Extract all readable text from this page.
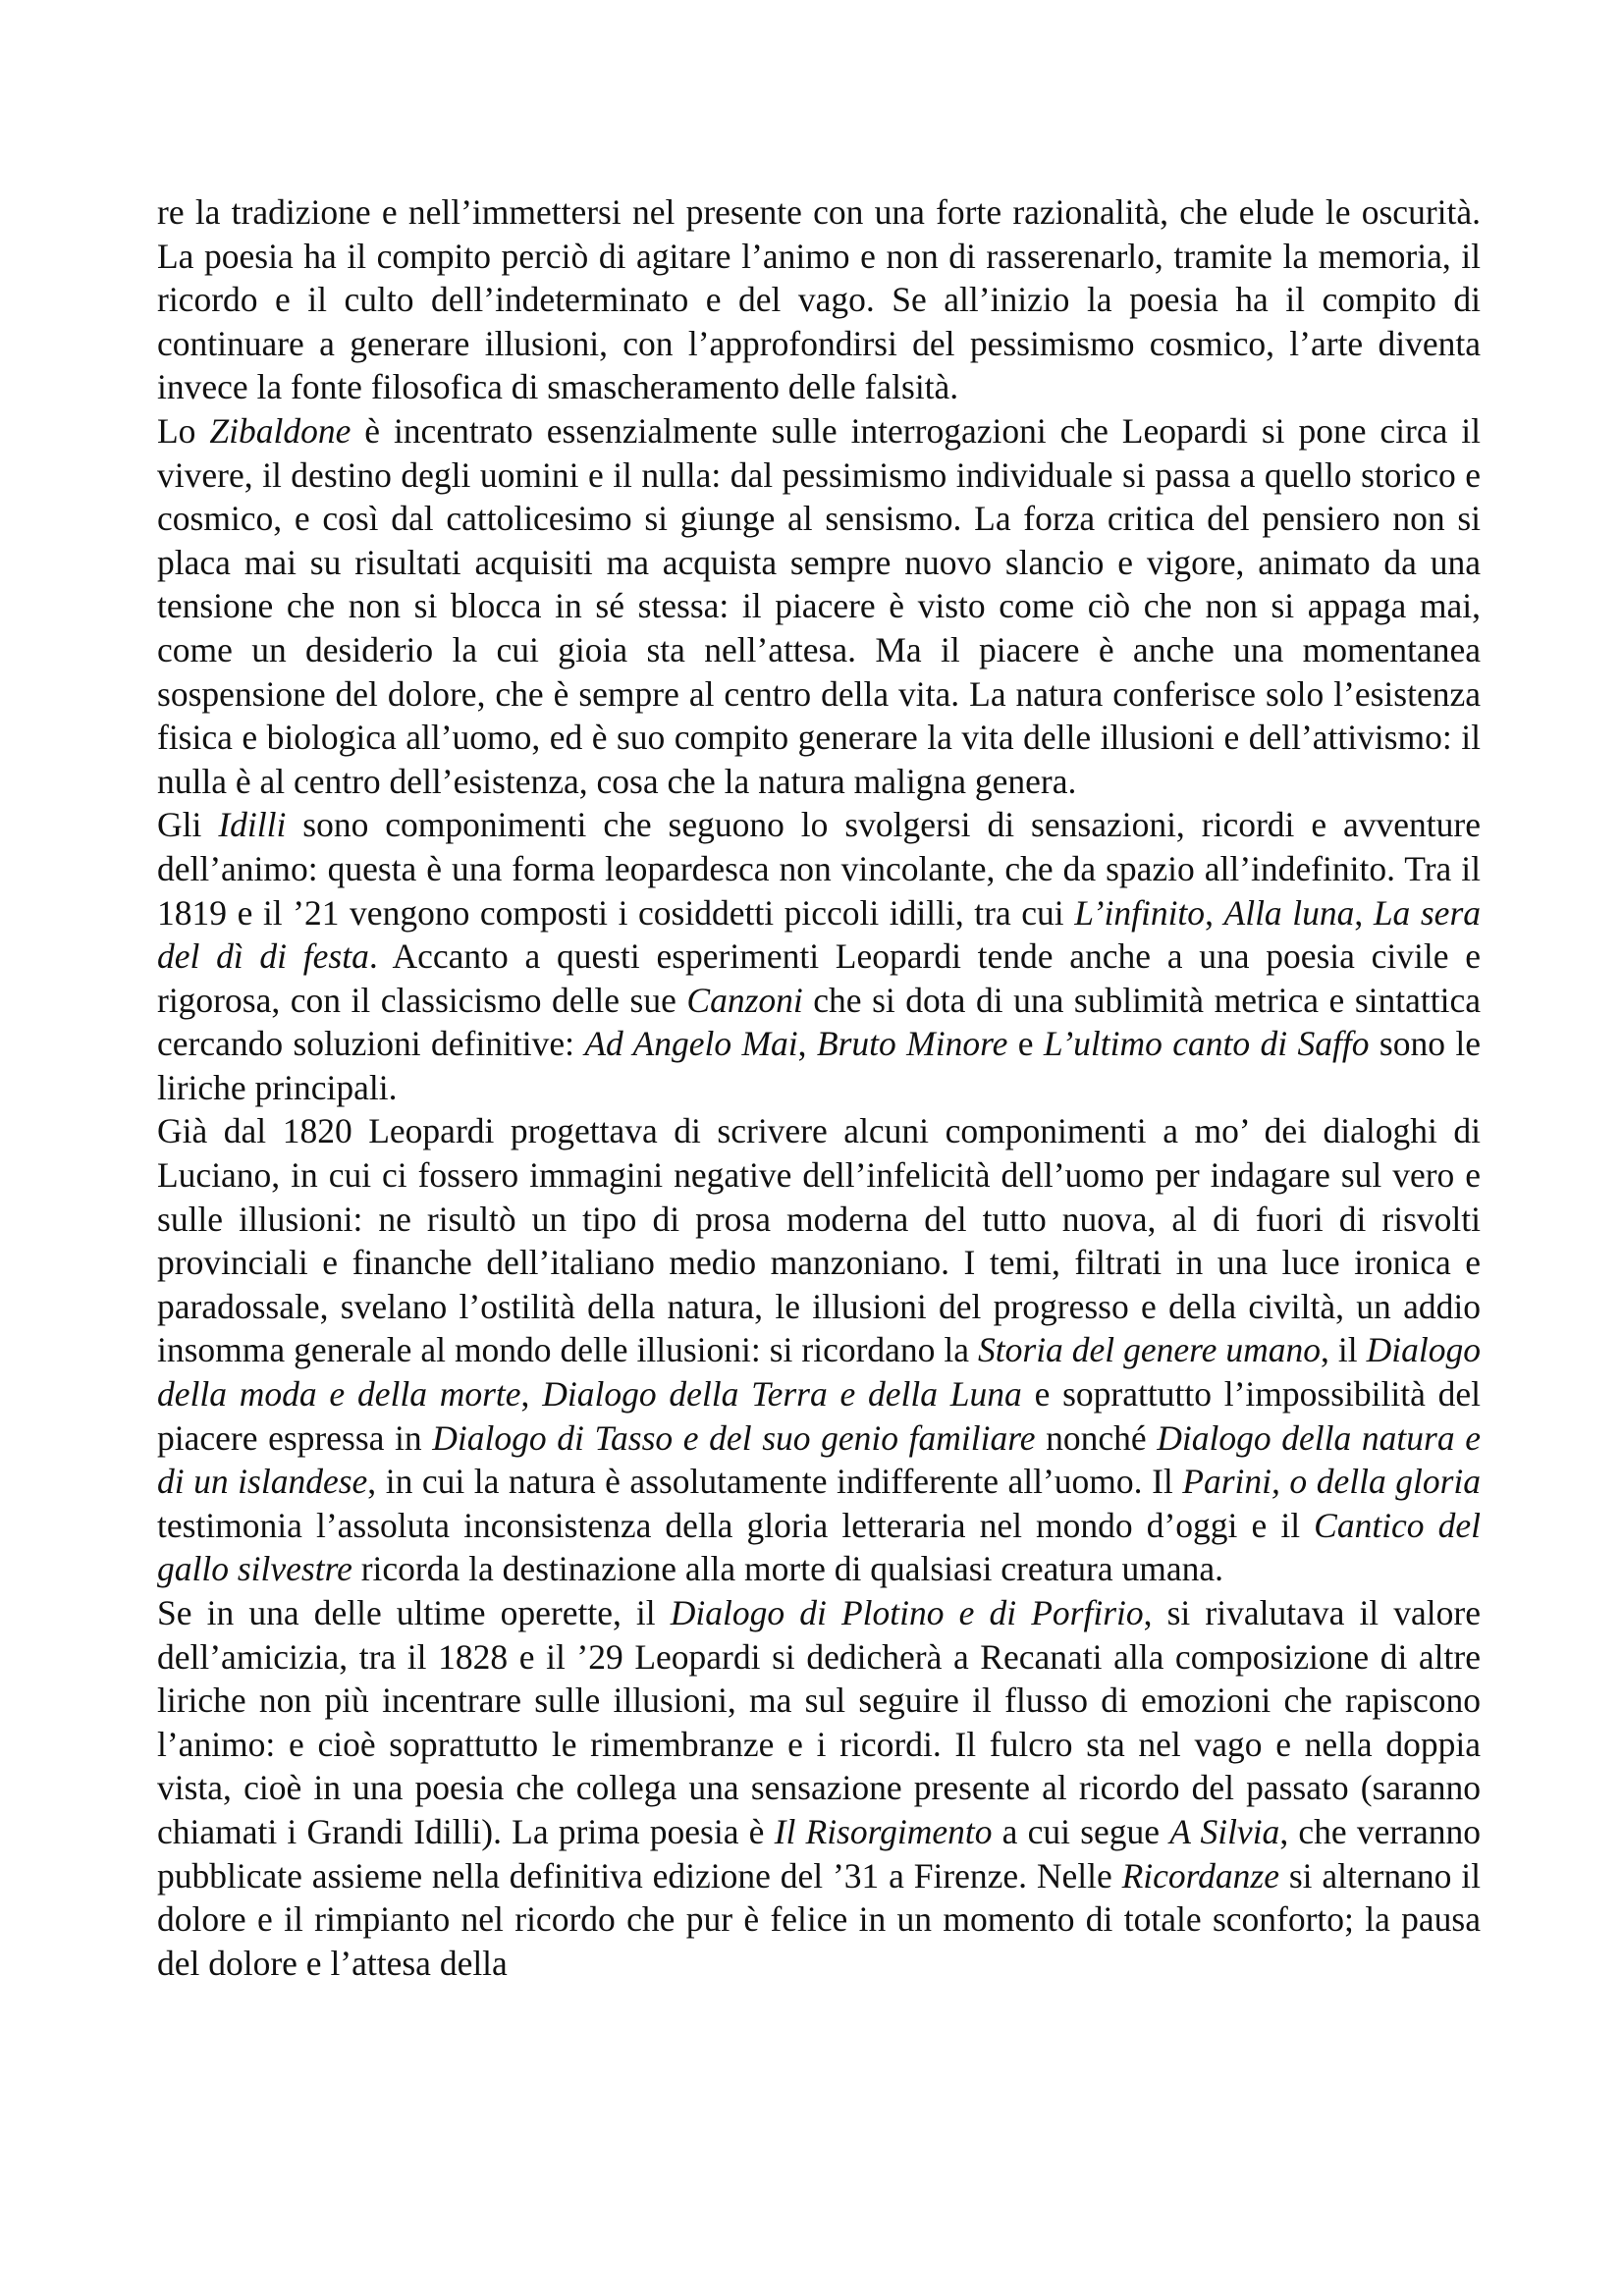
re la tradizione e nell’immettersi nel presente con una forte razionalità, che elude le oscurità. La poesia ha il compito perciò di agitare l’animo e non di rasserenarlo, tramite la memoria, il ricordo e il culto dell’indeterminato e del vago. Se all’inizio la poesia ha il compito di continuare a generare illusioni, con l’approfondirsi del pessimismo cosmico, l’arte diventa invece la fonte filosofica di smascheramento delle falsità.

Lo Zibaldone è incentrato essenzialmente sulle interrogazioni che Leopardi si pone circa il vivere, il destino degli uomini e il nulla: dal pessimismo individuale si passa a quello storico e cosmico, e così dal cattolicesimo si giunge al sensismo. La forza critica del pensiero non si placa mai su risultati acquisiti ma acquista sempre nuovo slancio e vigore, animato da una tensione che non si blocca in sé stessa: il piacere è visto come ciò che non si appaga mai, come un desiderio la cui gioia sta nell’attesa. Ma il piacere è anche una momentanea sospensione del dolore, che è sempre al centro della vita. La natura conferisce solo l’esistenza fisica e biologica all’uomo, ed è suo compito generare la vita delle illusioni e dell’attivismo: il nulla è al centro dell’esistenza, cosa che la natura maligna genera.

Gli Idilli sono componimenti che seguono lo svolgersi di sensazioni, ricordi e avventure dell’animo: questa è una forma leopardesca non vincolante, che da spazio all’indefinito. Tra il 1819 e il ’21 vengono composti i cosiddetti piccoli idilli, tra cui L’infinito, Alla luna, La sera del dì di festa. Accanto a questi esperimenti Leopardi tende anche a una poesia civile e rigorosa, con il classicismo delle sue Canzoni che si dota di una sublimità metrica e sintattica cercando soluzioni definitive: Ad Angelo Mai, Bruto Minore e L’ultimo canto di Saffo sono le liriche principali.

Già dal 1820 Leopardi progettava di scrivere alcuni componimenti a mo’ dei dialoghi di Luciano, in cui ci fossero immagini negative dell’infelicità dell’uomo per indagare sul vero e sulle illusioni: ne risultò un tipo di prosa moderna del tutto nuova, al di fuori di risvolti provinciali e finanche dell’italiano medio manzoniano. I temi, filtrati in una luce ironica e paradossale, svelano l’ostilità della natura, le illusioni del progresso e della civiltà, un addio insomma generale al mondo delle illusioni: si ricordano la Storia del genere umano, il Dialogo della moda e della morte, Dialogo della Terra e della Luna e soprattutto l’impossibilità del piacere espressa in Dialogo di Tasso e del suo genio familiare nonché Dialogo della natura e di un islandese, in cui la natura è assolutamente indifferente all’uomo. Il Parini, o della gloria testimonia l’assoluta inconsistenza della gloria letteraria nel mondo d’oggi e il Cantico del gallo silvestre ricorda la destinazione alla morte di qualsiasi creatura umana.

Se in una delle ultime operette, il Dialogo di Plotino e di Porfirio, si rivalutava il valore dell’amicizia, tra il 1828 e il ’29 Leopardi si dedicherà a Recanati alla composizione di altre liriche non più incentrare sulle illusioni, ma sul seguire il flusso di emozioni che rapiscono l’animo: e cioè soprattutto le rimembranze e i ricordi. Il fulcro sta nel vago e nella doppia vista, cioè in una poesia che collega una sensazione presente al ricordo del passato (saranno chiamati i Grandi Idilli). La prima poesia è Il Risorgimento a cui segue A Silvia, che verranno pubblicate assieme nella definitiva edizione del ’31 a Firenze. Nelle Ricordanze si alternano il dolore e il rimpianto nel ricordo che pur è felice in un momento di totale sconforto; la pausa del dolore e l’attesa della
